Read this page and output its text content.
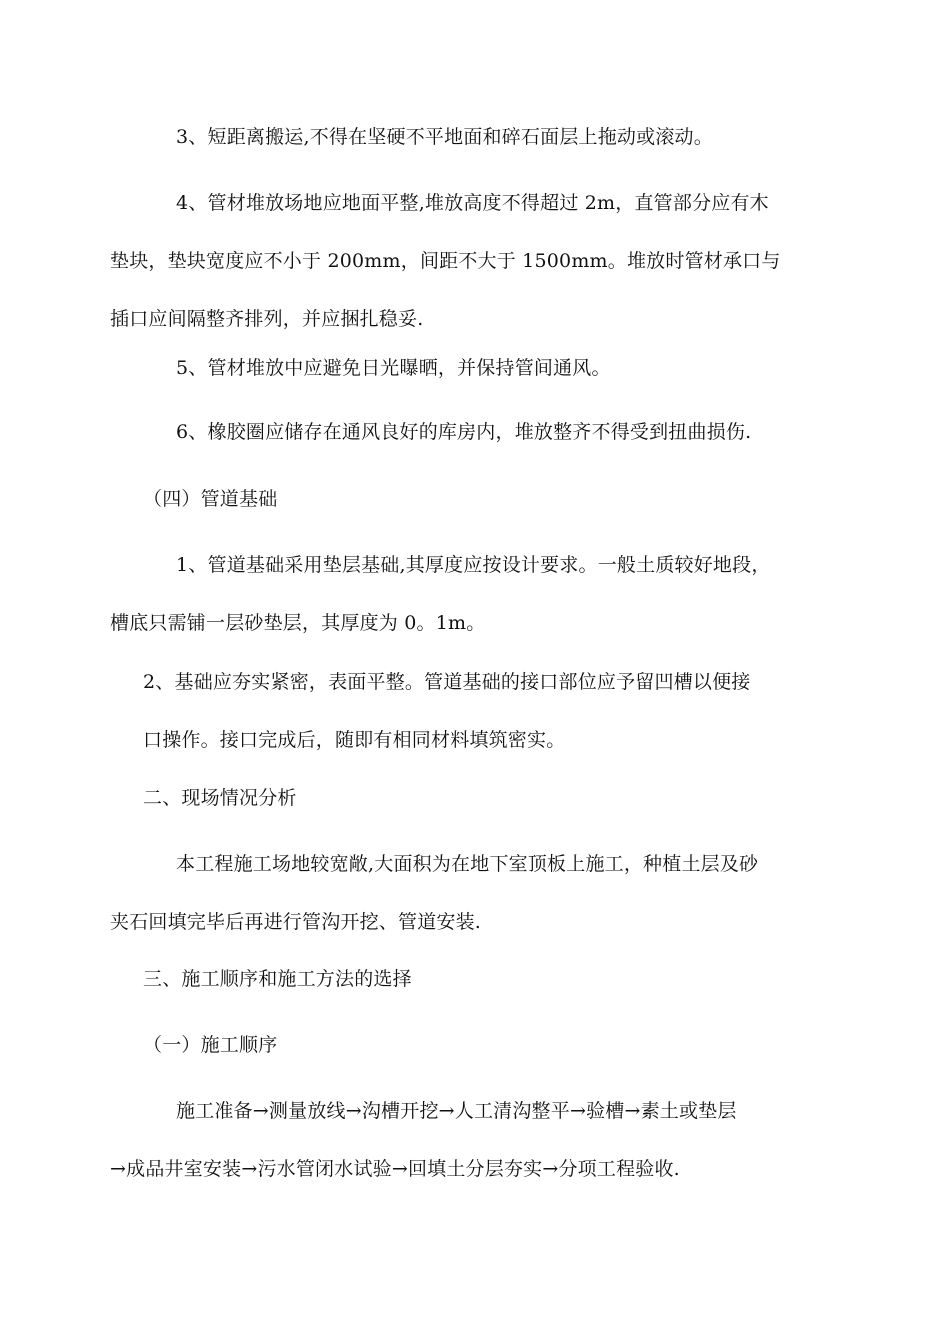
3、短距离搬运,不得在坚硬不平地面和碎石面层上拖动或滚动。

4、管材堆放场地应地面平整,堆放高度不得超过 2m，直管部分应有木
垫块，垫块宽度应不小于 200mm，间距不大于 1500mm。堆放时管材承口与
插口应间隔整齐排列，并应捆扎稳妥.

5、管材堆放中应避免日光曝晒，并保持管间通风。

6、橡胶圈应储存在通风良好的库房内，堆放整齐不得受到扭曲损伤.

（四）管道基础

1、管道基础采用垫层基础,其厚度应按设计要求。一般土质较好地段，
槽底只需铺一层砂垫层，其厚度为 0。1m。

2、基础应夯实紧密，表面平整。管道基础的接口部位应予留凹槽以便接
口操作。接口完成后，随即有相同材料填筑密实。

二、现场情况分析

本工程施工场地较宽敞,大面积为在地下室顶板上施工，种植土层及砂
夹石回填完毕后再进行管沟开挖、管道安装.

三、施工顺序和施工方法的选择

（一）施工顺序

施工准备→测量放线→沟槽开挖→人工清沟整平→验槽→素土或垫层
→成品井室安装→污水管闭水试验→回填土分层夯实→分项工程验收.
